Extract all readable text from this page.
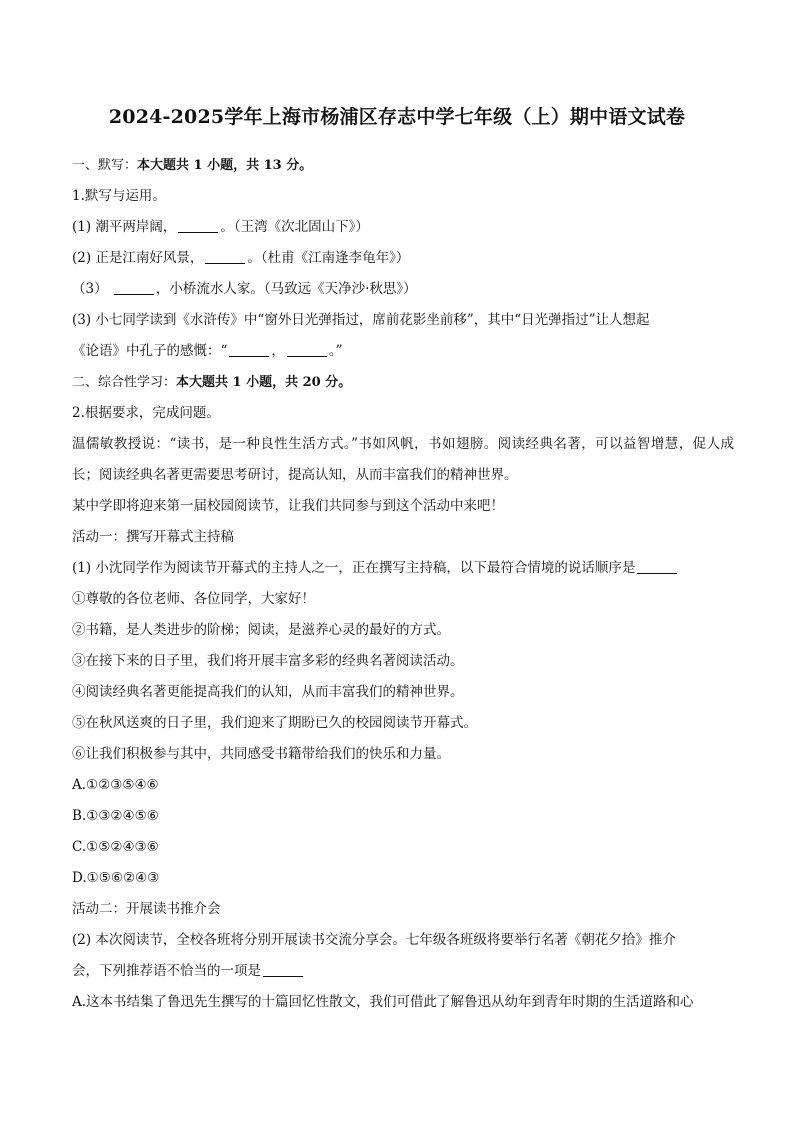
2024-2025学年上海市杨浦区存志中学七年级（上）期中语文试卷

一、默写：本大题共 1 小题，共 13 分。

1.默写与运用。

(1) 潮平两岸阔，	。（王湾《次北固山下》）

(2) 正是江南好风景，	。（杜甫《江南逢李龟年》）

（3）	，小桥流水人家。（马致远《天净沙·秋思》）

(3) 小七同学读到《水浒传》中“窗外日光弹指过，席前花影坐前移”，其中“日光弹指过”让人想起

《论语》中孔子的感慨：“	，	。”

二、综合性学习：本大题共 1 小题，共 20 分。

2.根据要求，完成问题。

温儒敏教授说：“读书，是一种良性生活方式。”书如风帆，书如翅膀。阅读经典名著，可以益智增慧，促人成长；阅读经典名著更需要思考研讨，提高认知，从而丰富我们的精神世界。

某中学即将迎来第一届校园阅读节，让我们共同参与到这个活动中来吧！

活动一：撰写开幕式主持稿

(1) 小沈同学作为阅读节开幕式的主持人之一，正在撰写主持稿，以下最符合情境的说话顺序是

①尊敬的各位老师、各位同学，大家好！

②书籍，是人类进步的阶梯；阅读，是滋养心灵的最好的方式。

③在接下来的日子里，我们将开展丰富多彩的经典名著阅读活动。

④阅读经典名著更能提高我们的认知，从而丰富我们的精神世界。

⑤在秋风送爽的日子里，我们迎来了期盼已久的校园阅读节开幕式。

⑥让我们积极参与其中，共同感受书籍带给我们的快乐和力量。

A.①②③⑤④⑥

B.①③②④⑤⑥

C.①⑤②④③⑥

D.①⑤⑥②④③

活动二：开展读书推介会

(2) 本次阅读节，全校各班将分别开展读书交流分享会。七年级各班级将要举行名著《朝花夕拾》推介

会，下列推荐语不恰当的一项是

A.这本书结集了鲁迅先生撰写的十篇回忆性散文，我们可借此了解鲁迅从幼年到青年时期的生活道路和心
